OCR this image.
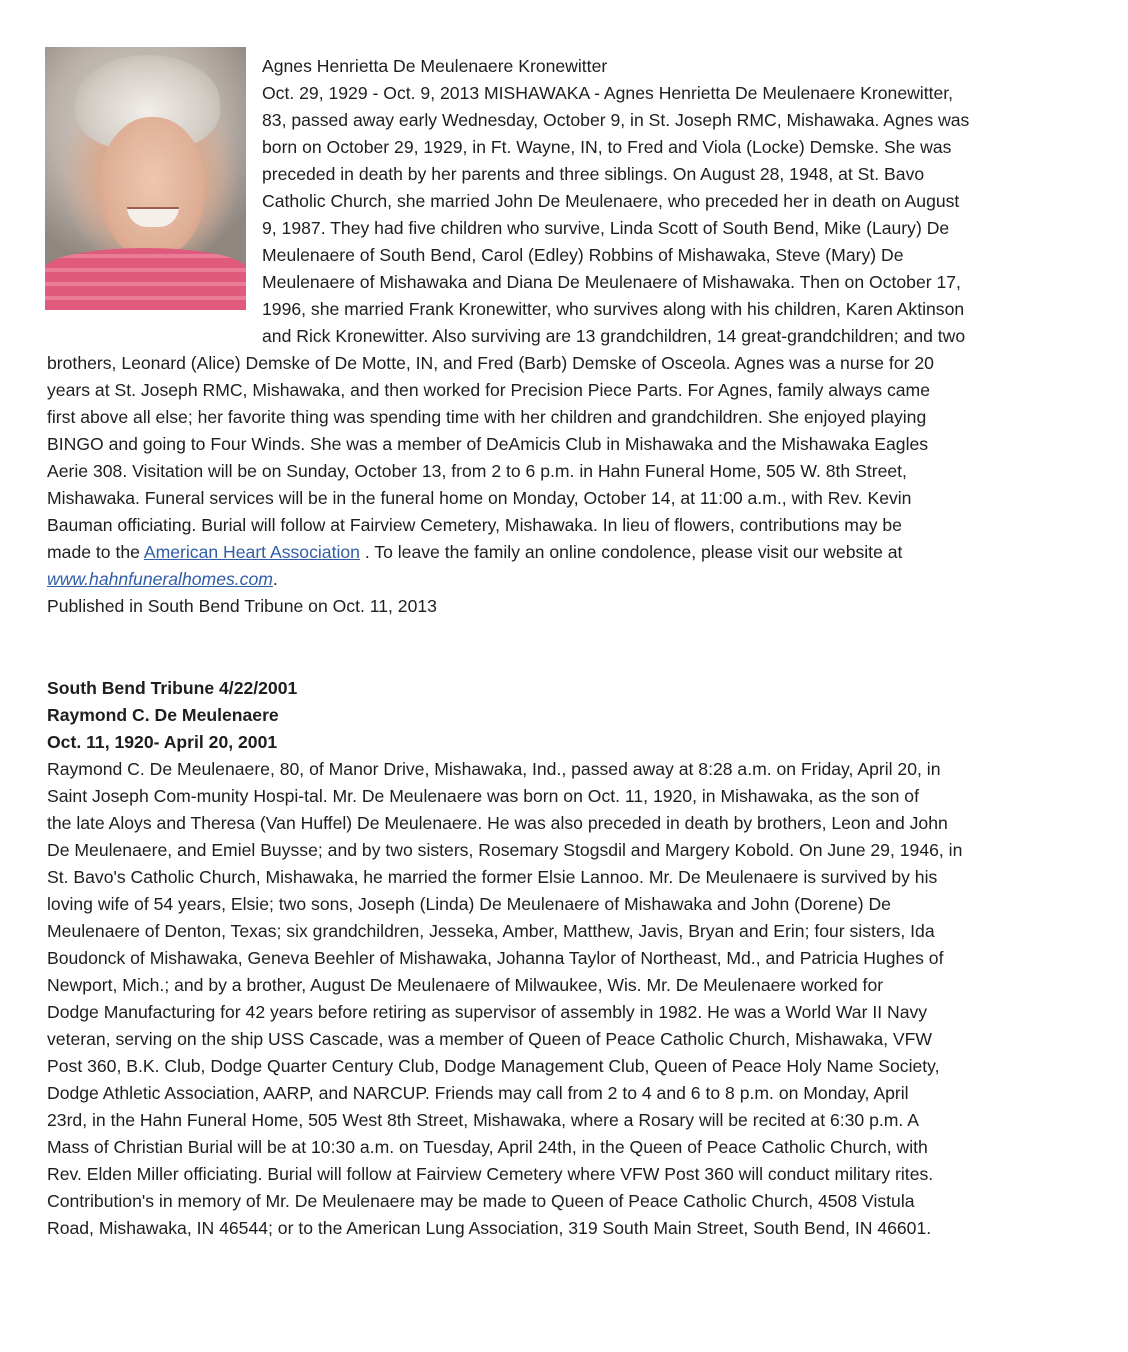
Agnes Henrietta De Meulenaere Kronewitter
Oct. 29, 1929 - Oct. 9, 2013 MISHAWAKA - Agnes Henrietta De Meulenaere Kronewitter,
83, passed away early Wednesday, October 9, in St. Joseph RMC, Mishawaka. Agnes was
born on October 29, 1929, in Ft. Wayne, IN, to Fred and Viola (Locke) Demske. She was
preceded in death by her parents and three siblings. On August 28, 1948, at St. Bavo
Catholic Church, she married John De Meulenaere, who preceded her in death on August
9, 1987. They had five children who survive, Linda Scott of South Bend, Mike (Laury) De
Meulenaere of South Bend, Carol (Edley) Robbins of Mishawaka, Steve (Mary) De
Meulenaere of Mishawaka and Diana De Meulenaere of Mishawaka. Then on October 17,
1996, she married Frank Kronewitter, who survives along with his children, Karen Aktinson
and Rick Kronewitter. Also surviving are 13 grandchildren, 14 great-grandchildren; and two
brothers, Leonard (Alice) Demske of De Motte, IN, and Fred (Barb) Demske of Osceola. Agnes was a nurse for 20
years at St. Joseph RMC, Mishawaka, and then worked for Precision Piece Parts. For Agnes, family always came
first above all else; her favorite thing was spending time with her children and grandchildren. She enjoyed playing
BINGO and going to Four Winds. She was a member of DeAmicis Club in Mishawaka and the Mishawaka Eagles
Aerie 308. Visitation will be on Sunday, October 13, from 2 to 6 p.m. in Hahn Funeral Home, 505 W. 8th Street,
Mishawaka. Funeral services will be in the funeral home on Monday, October 14, at 11:00 a.m., with Rev. Kevin
Bauman officiating. Burial will follow at Fairview Cemetery, Mishawaka. In lieu of flowers, contributions may be
made to the American Heart Association . To leave the family an online condolence, please visit our website at
www.hahnfuneralhomes.com.
Published in South Bend Tribune on Oct. 11, 2013
South Bend Tribune 4/22/2001
Raymond C. De Meulenaere
Oct. 11, 1920- April 20, 2001
Raymond C. De Meulenaere, 80, of Manor Drive, Mishawaka, Ind., passed away at 8:28 a.m. on Friday, April 20, in
Saint Joseph Com-munity Hospi-tal. Mr. De Meulenaere was born on Oct. 11, 1920, in Mishawaka, as the son of
the late Aloys and Theresa (Van Huffel) De Meulenaere. He was also preceded in death by brothers, Leon and John
De Meulenaere, and Emiel Buysse; and by two sisters, Rosemary Stogsdil and Margery Kobold. On June 29, 1946, in
St. Bavo's Catholic Church, Mishawaka, he married the former Elsie Lannoo. Mr. De Meulenaere is survived by his
loving wife of 54 years, Elsie; two sons, Joseph (Linda) De Meulenaere of Mishawaka and John (Dorene) De
Meulenaere of Denton, Texas; six grandchildren, Jesseka, Amber, Matthew, Javis, Bryan and Erin; four sisters, Ida
Boudonck of Mishawaka, Geneva Beehler of Mishawaka, Johanna Taylor of Northeast, Md., and Patricia Hughes of
Newport, Mich.; and by a brother, August De Meulenaere of Milwaukee, Wis. Mr. De Meulenaere worked for
Dodge Manufacturing for 42 years before retiring as supervisor of assembly in 1982. He was a World War II Navy
veteran, serving on the ship USS Cascade, was a member of Queen of Peace Catholic Church, Mishawaka, VFW
Post 360, B.K. Club, Dodge Quarter Century Club, Dodge Management Club, Queen of Peace Holy Name Society,
Dodge Athletic Association, AARP, and NARCUP. Friends may call from 2 to 4 and 6 to 8 p.m. on Monday, April
23rd, in the Hahn Funeral Home, 505 West 8th Street, Mishawaka, where a Rosary will be recited at 6:30 p.m. A
Mass of Christian Burial will be at 10:30 a.m. on Tuesday, April 24th, in the Queen of Peace Catholic Church, with
Rev. Elden Miller officiating. Burial will follow at Fairview Cemetery where VFW Post 360 will conduct military rites.
Contribution's in memory of Mr. De Meulenaere may be made to Queen of Peace Catholic Church, 4508 Vistula
Road, Mishawaka, IN 46544; or to the American Lung Association, 319 South Main Street, South Bend, IN 46601.
